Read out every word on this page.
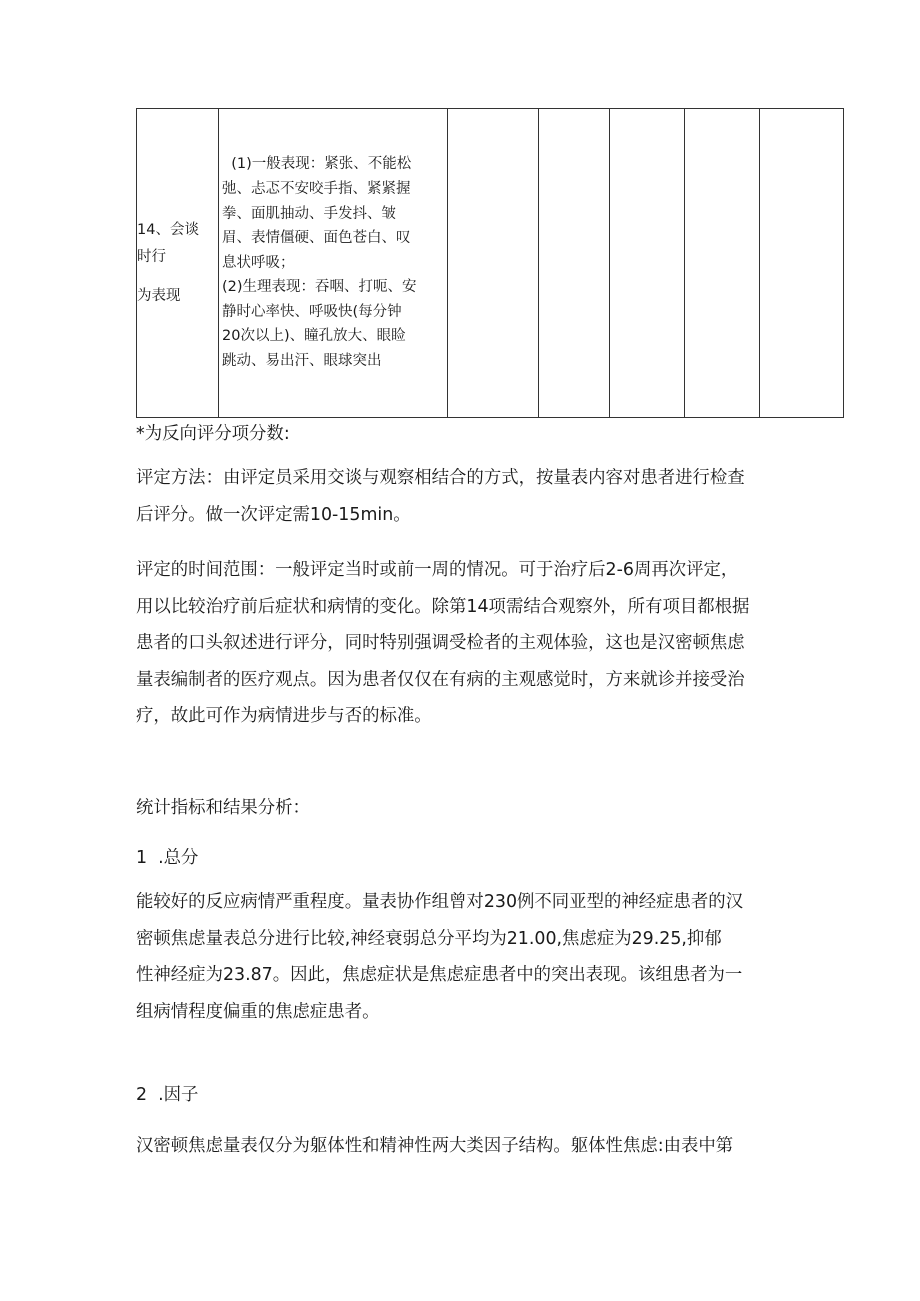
14、会谈
时行
为表现

(1)一般表现：紧张、不能松
弛、忐忑不安咬手指、紧紧握
拳、面肌抽动、手发抖、皱
眉、表情僵硬、面色苍白、叹
息状呼吸；
(2)生理表现：吞咽、打呃、安
静时心率快、呼吸快(每分钟
20次以上)、瞳孔放大、眼睑
跳动、易出汗、眼球突出

*为反向评分项分数:
评定方法：由评定员采用交谈与观察相结合的方式，按量表内容对患者进行检查
后评分。做一次评定需10-15min。
评定的时间范围：一般评定当时或前一周的情况。可于治疗后2-6周再次评定，
用以比较治疗前后症状和病情的变化。除第14项需结合观察外，所有项目都根据
患者的口头叙述进行评分，同时特别强调受检者的主观体验，这也是汉密顿焦虑
量表编制者的医疗观点。因为患者仅仅在有病的主观感觉时，方来就诊并接受治
疗，故此可作为病情进步与否的标准。
统计指标和结果分析：
1  .总分
能较好的反应病情严重程度。量表协作组曾对230例不同亚型的神经症患者的汉
密顿焦虑量表总分进行比较,神经衰弱总分平均为21.00,焦虑症为29.25,抑郁
性神经症为23.87。因此，焦虑症状是焦虑症患者中的突出表现。该组患者为一
组病情程度偏重的焦虑症患者。
2  .因子
汉密顿焦虑量表仅分为躯体性和精神性两大类因子结构。躯体性焦虑:由表中第
